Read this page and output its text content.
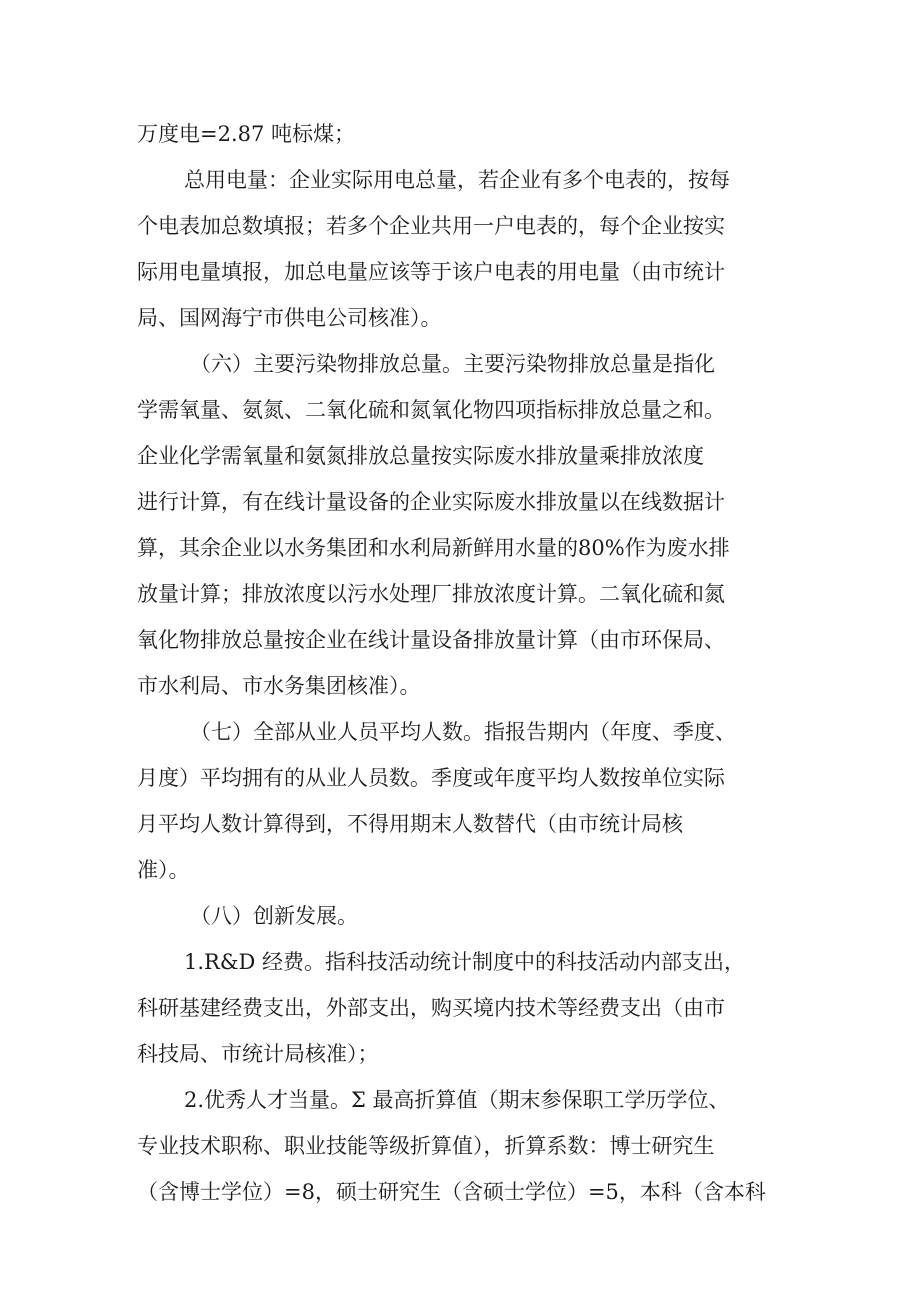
万度电=2.87 吨标煤；
总用电量：企业实际用电总量，若企业有多个电表的，按每
个电表加总数填报；若多个企业共用一户电表的，每个企业按实
际用电量填报，加总电量应该等于该户电表的用电量（由市统计
局、国网海宁市供电公司核准）。
（六）主要污染物排放总量。主要污染物排放总量是指化
学需氧量、氨氮、二氧化硫和氮氧化物四项指标排放总量之和。
企业化学需氧量和氨氮排放总量按实际废水排放量乘排放浓度
进行计算，有在线计量设备的企业实际废水排放量以在线数据计
算，其余企业以水务集团和水利局新鲜用水量的80%作为废水排
放量计算；排放浓度以污水处理厂排放浓度计算。二氧化硫和氮
氧化物排放总量按企业在线计量设备排放量计算（由市环保局、
市水利局、市水务集团核准）。
（七）全部从业人员平均人数。指报告期内（年度、季度、
月度）平均拥有的从业人员数。季度或年度平均人数按单位实际
月平均人数计算得到，不得用期末人数替代（由市统计局核
准）。
（八）创新发展。
1.R&D 经费。指科技活动统计制度中的科技活动内部支出，
科研基建经费支出，外部支出，购买境内技术等经费支出（由市
科技局、市统计局核准）；
2.优秀人才当量。Σ 最高折算值（期末参保职工学历学位、
专业技术职称、职业技能等级折算值），折算系数：博士研究生
（含博士学位）=8，硕士研究生（含硕士学位）=5，本科（含本科
